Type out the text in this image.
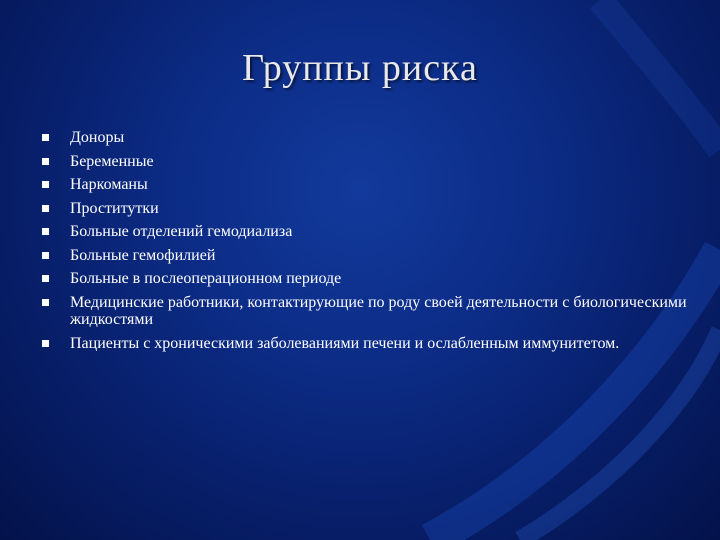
Группы риска
Доноры
Беременные
Наркоманы
Проститутки
Больные отделений гемодиализа
Больные гемофилией
Больные в послеоперационном периоде
Медицинские работники, контактирующие по роду своей деятельности с биологическими жидкостями
Пациенты с хроническими заболеваниями печени и ослабленным иммунитетом.
